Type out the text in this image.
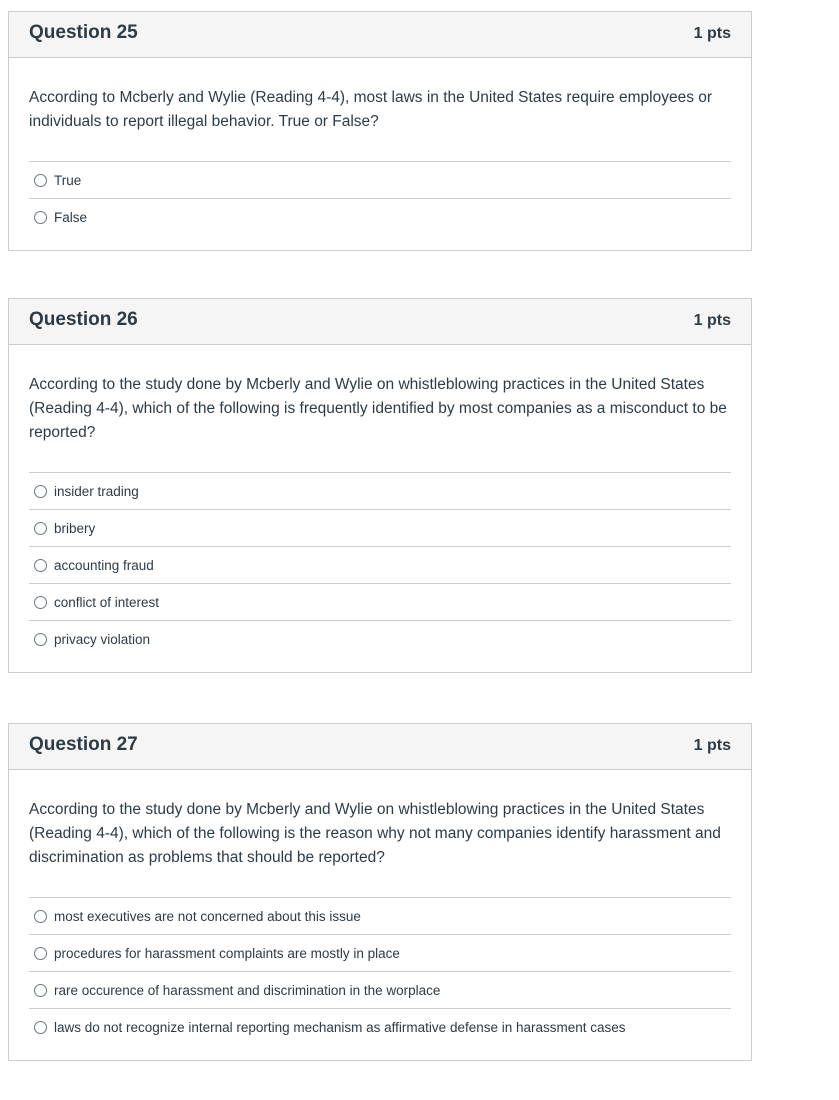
Question 25	1 pts

According to Mcberly and Wylie (Reading 4-4), most laws in the United States require employees or individuals to report illegal behavior. True or False?

True
False
Question 26	1 pts

According to the study done by Mcberly and Wylie on whistleblowing practices in the United States (Reading 4-4), which of the following is frequently identified by most companies as a misconduct to be reported?

insider trading
bribery
accounting fraud
conflict of interest
privacy violation
Question 27	1 pts

According to the study done by Mcberly and Wylie on whistleblowing practices in the United States (Reading 4-4), which of the following is the reason why not many companies identify harassment and discrimination as problems that should be reported?

most executives are not concerned about this issue
procedures for harassment complaints are mostly in place
rare occurence of harassment and discrimination in the worplace
laws do not recognize internal reporting mechanism as affirmative defense in harassment cases
